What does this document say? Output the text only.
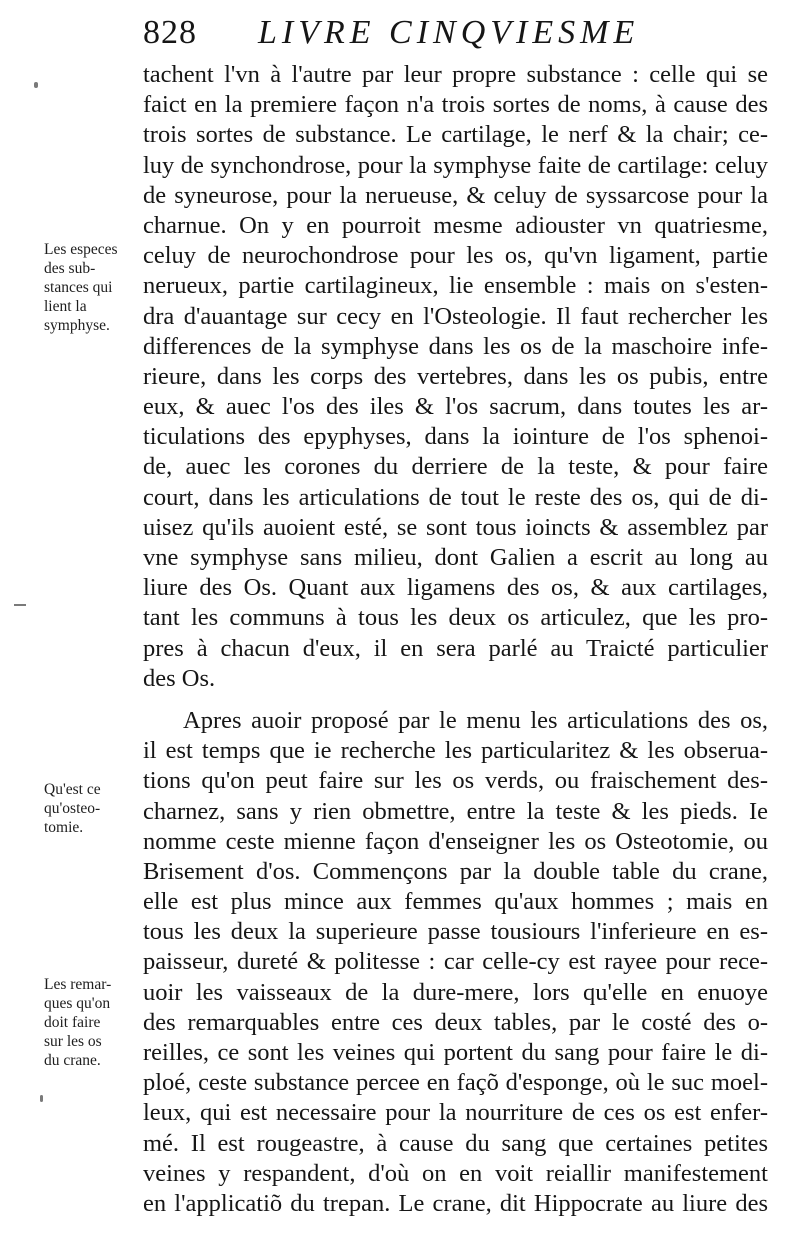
828 LIVRE CINQVIESME
Les especes
des sub-
stances qui
lient la
symphyse.
Qu'est ce
qu'osteo-
tomie.
Les remar-
ques qu'on
doit faire
sur les os
du crane.
tachent l'vn à l'autre par leur propre substance : celle qui se
faict en la premiere façon n'a trois sortes de noms, à cause des
trois sortes de substance. Le cartilage, le nerf & la chair; ce-
luy de synchondrose, pour la symphyse faite de cartilage: celuy
de syneurose, pour la nerueuse, & celuy de syssarcose pour la
charnue. On y en pourroit mesme adiouster vn quatriesme,
celuy de neurochondrose pour les os, qu'vn ligament, partie
nerueux, partie cartilagineux, lie ensemble : mais on s'esten-
dra d'auantage sur cecy en l'Osteologie. Il faut rechercher les
differences de la symphyse dans les os de la maschoire infe-
rieure, dans les corps des vertebres, dans les os pubis, entre
eux, & auec l'os des iles & l'os sacrum, dans toutes les ar-
ticulations des epyphyses, dans la iointure de l'os sphenoi-
de, auec les corones du derriere de la teste, & pour faire
court, dans les articulations de tout le reste des os, qui de di-
uisez qu'ils auoient esté, se sont tous ioincts & assemblez par
vne symphyse sans milieu, dont Galien a escrit au long au
liure des Os. Quant aux ligamens des os, & aux cartilages,
tant les communs à tous les deux os articulez, que les pro-
pres à chacun d'eux, il en sera parlé au Traicté particulier
des Os.
Apres auoir proposé par le menu les articulations des os,
il est temps que ie recherche les particularitez & les obserua-
tions qu'on peut faire sur les os verds, ou fraischement des-
charnez, sans y rien obmettre, entre la teste & les pieds. Ie
nomme ceste mienne façon d'enseigner les os Osteotomie, ou
Brisement d'os. Commençons par la double table du crane,
elle est plus mince aux femmes qu'aux hommes ; mais en
tous les deux la superieure passe tousiours l'inferieure en es-
paisseur, dureté & politesse : car celle-cy est rayee pour rece-
uoir les vaisseaux de la dure-mere, lors qu'elle en enuoye
des remarquables entre ces deux tables, par le costé des o-
reilles, ce sont les veines qui portent du sang pour faire le di-
ploé, ceste substance percee en façõ d'esponge, où le suc moel-
leux, qui est necessaire pour la nourriture de ces os est enfer-
mé. Il est rougeastre, à cause du sang que certaines petites
veines y respandent, d'où on en voit reiallir manifestement
en l'applicatiõ du trepan. Le crane, dit Hippocrate au liure des
